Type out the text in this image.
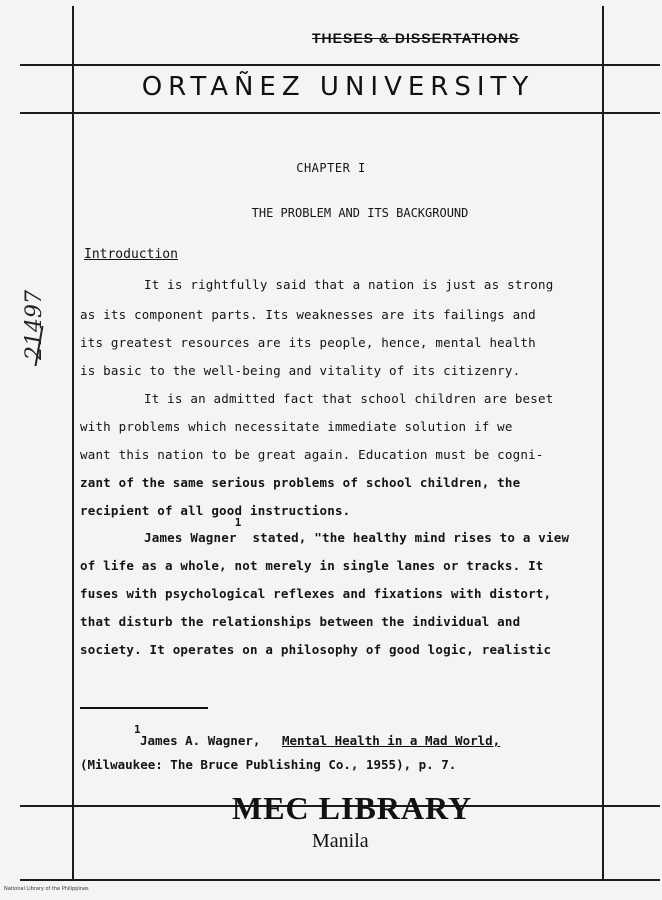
THESES & DISSERTATIONS
ORTAÑEZ UNIVERSITY
CHAPTER I
THE PROBLEM AND ITS BACKGROUND
Introduction
It is rightfully said that a nation is just as strong
as its component parts. Its weaknesses are its failings and
its greatest resources are its people, hence, mental health
is basic to the well-being and vitality of its citizenry.
It is an admitted fact that school children are beset
with problems which necessitate immediate solution if we
want this nation to be great again. Education must be cogni-
zant of the same serious problems of school children, the
recipient of all good instructions.
James Wagner
1
stated, "the healthy mind rises to a view
of life as a whole, not merely in single lanes or tracks. It
fuses with psychological reflexes and fixations with distort,
that disturb the relationships between the individual and
society. It operates on a philosophy of good logic, realistic
1
James A. Wagner, Mental Health in a Mad World,
(Milwaukee: The Bruce Publishing Co., 1955), p. 7.
21497
MEC LIBRARY
Manila
National Library of the Philippines
